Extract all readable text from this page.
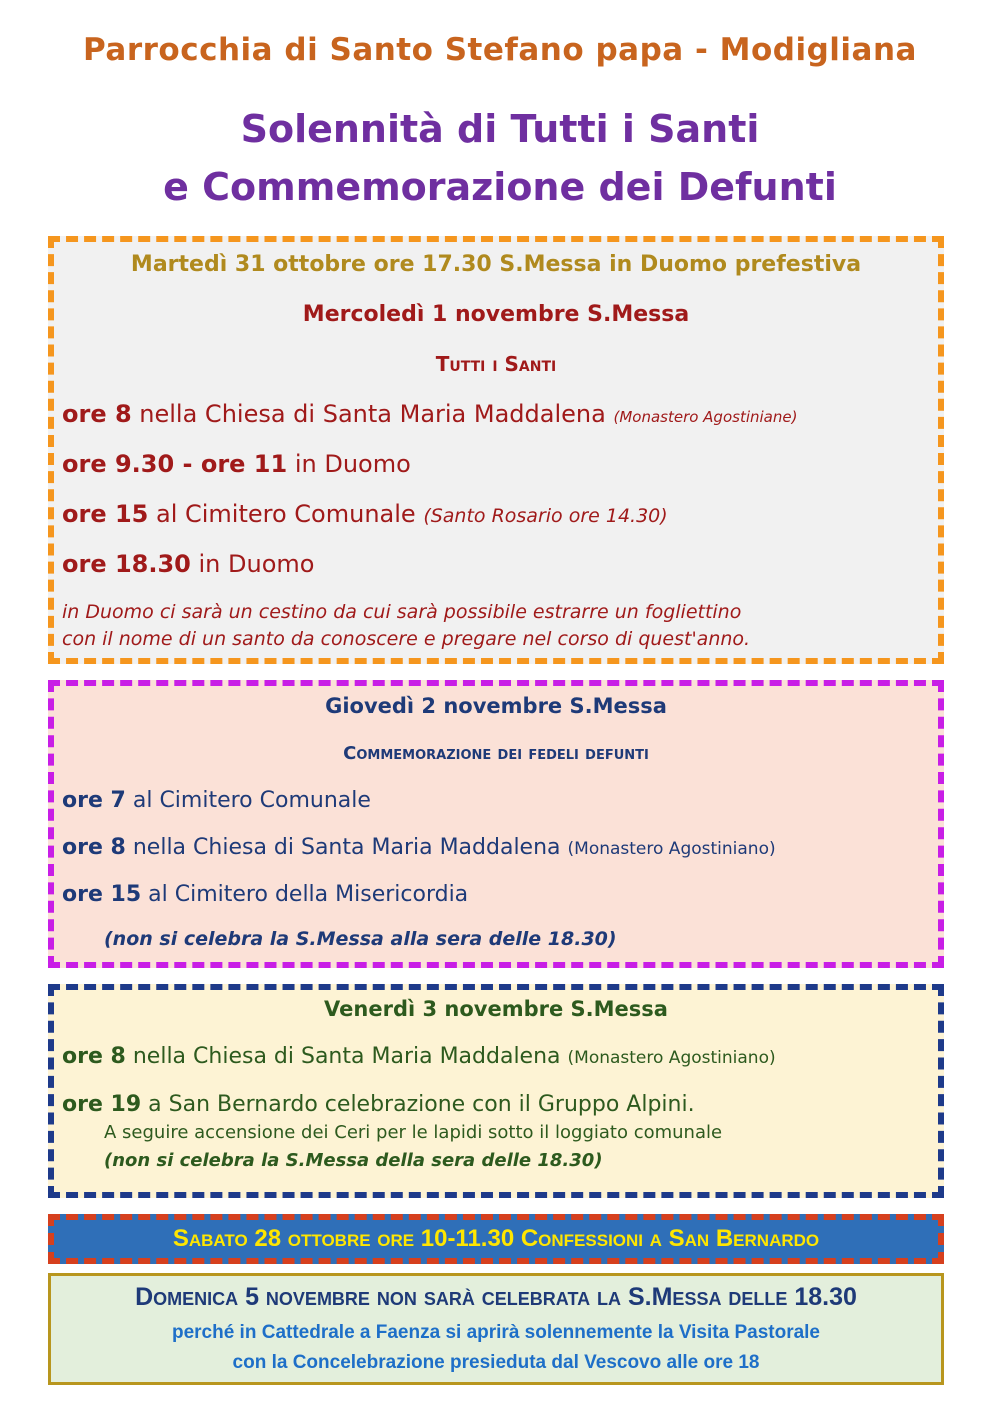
Parrocchia di Santo Stefano papa - Modigliana
Solennità di Tutti i Santi
e Commemorazione dei Defunti
Martedì 31 ottobre ore 17.30 S.Messa in Duomo prefestiva
Mercoledì 1 novembre S.Messa
Tutti i Santi
ore 8 nella Chiesa di Santa Maria Maddalena (Monastero Agostiniane)
ore 9.30 - ore 11 in Duomo
ore 15 al Cimitero Comunale (Santo Rosario ore 14.30)
ore 18.30 in Duomo
in Duomo ci sarà un cestino da cui sarà possibile estrarre un fogliettino
con il nome di un santo da conoscere e pregare nel corso di quest'anno.
Giovedì 2 novembre S.Messa
Commemorazione dei fedeli defunti
ore 7 al Cimitero Comunale
ore 8 nella Chiesa di Santa Maria Maddalena (Monastero Agostiniano)
ore 15 al Cimitero della Misericordia
(non si celebra la S.Messa alla sera delle 18.30)
Venerdì 3 novembre S.Messa
ore 8 nella Chiesa di Santa Maria Maddalena (Monastero Agostiniano)
ore 19 a San Bernardo celebrazione con il Gruppo Alpini.
A seguire accensione dei Ceri per le lapidi sotto il loggiato comunale
(non si celebra la S.Messa della sera delle 18.30)
Sabato 28 ottobre ore 10-11.30 Confessioni a San Bernardo
Domenica 5 novembre non sarà celebrata la S.Messa delle 18.30
perché in Cattedrale a Faenza si aprirà solennemente la Visita Pastorale
con la Concelebrazione presieduta dal Vescovo alle ore 18
